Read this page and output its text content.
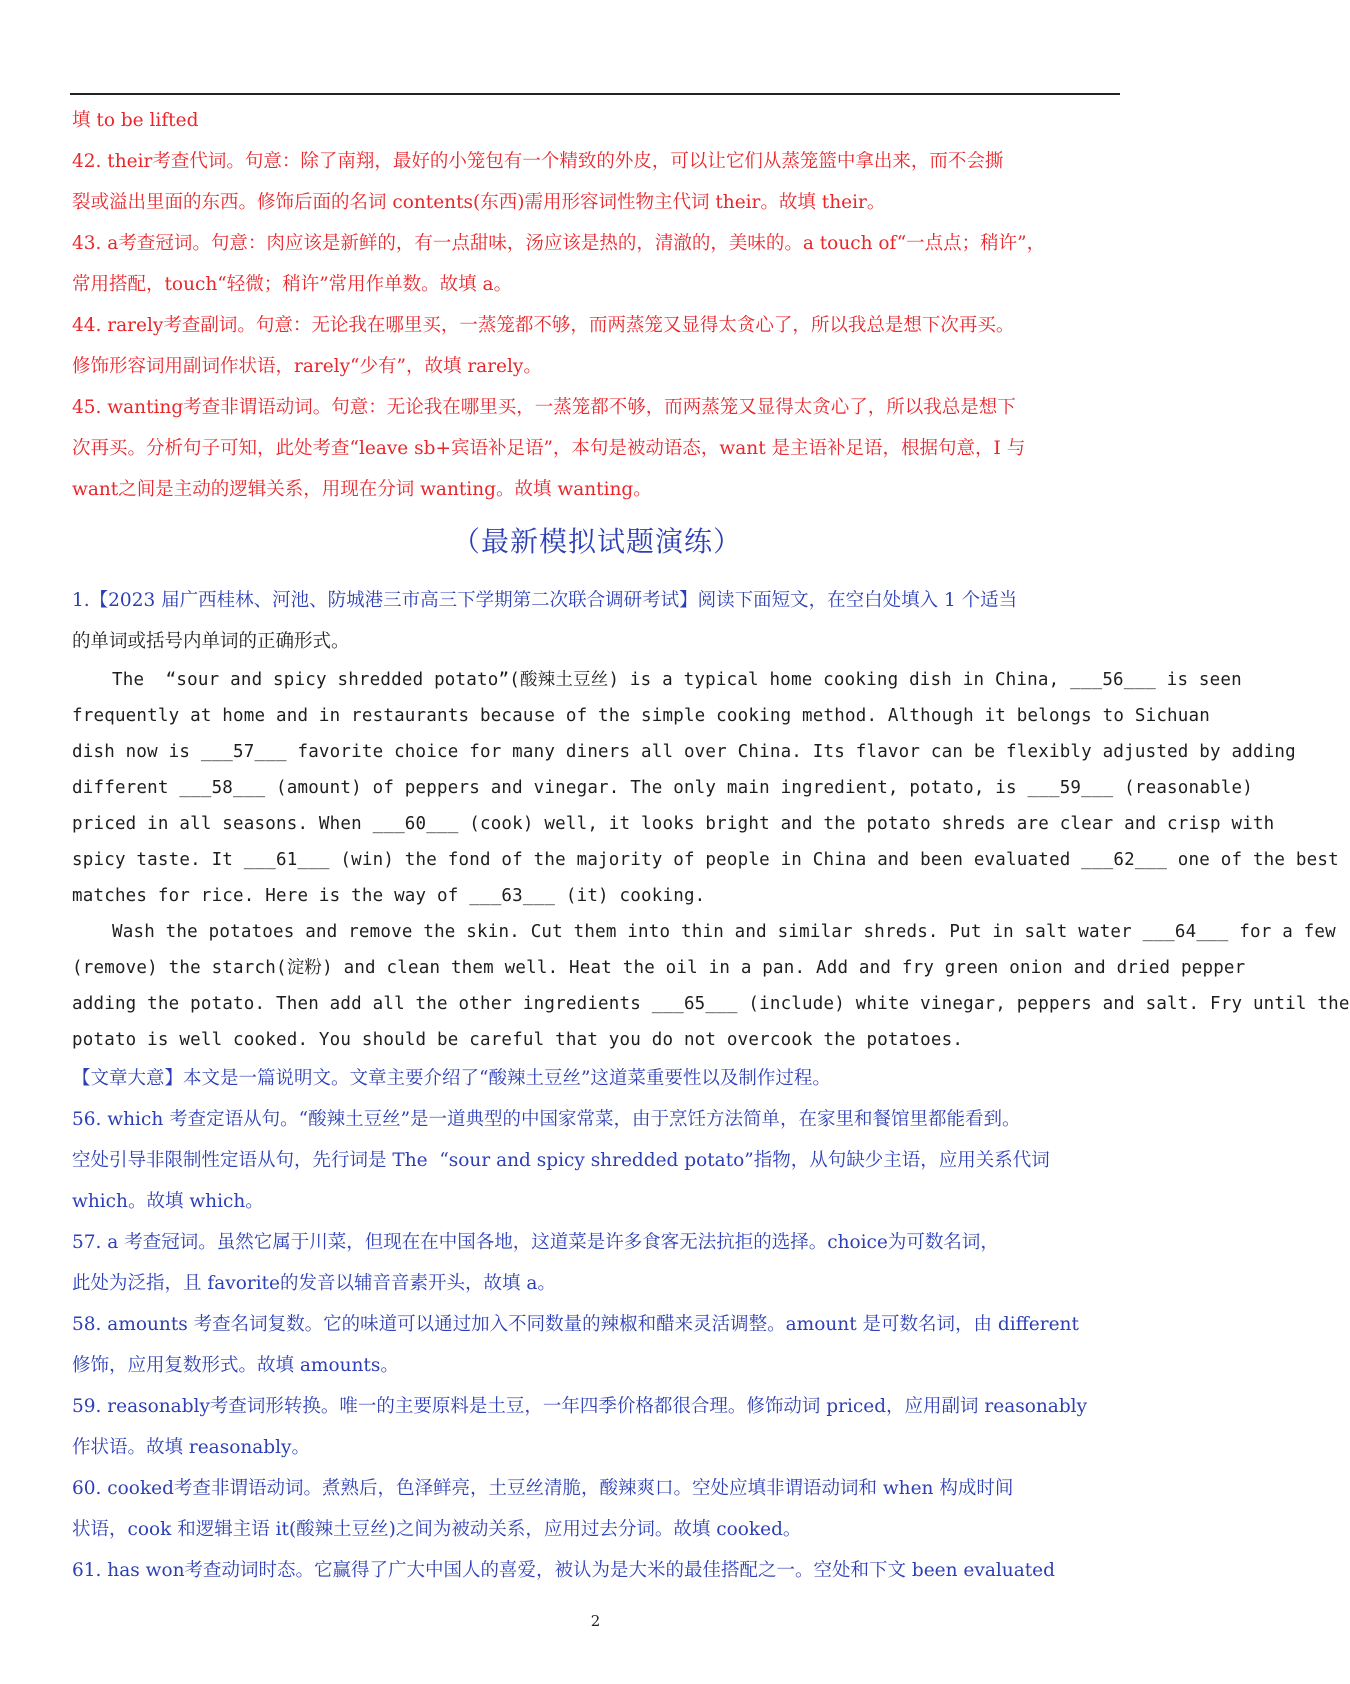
填 to be lifted
42. their考查代词。句意：除了南翔，最好的小笼包有一个精致的外皮，可以让它们从蒸笼篮中拿出来，而不会撕
裂或溢出里面的东西。修饰后面的名词 contents(东西)需用形容词性物主代词 their。故填 their。
43. a考查冠词。句意：肉应该是新鲜的，有一点甜味，汤应该是热的，清澈的，美味的。a touch of“一点点；稍许”，
常用搭配，touch“轻微；稍许”常用作单数。故填 a。
44. rarely考查副词。句意：无论我在哪里买，一蒸笼都不够，而两蒸笼又显得太贪心了，所以我总是想下次再买。
修饰形容词用副词作状语，rarely“少有”，故填 rarely。
45. wanting考查非谓语动词。句意：无论我在哪里买，一蒸笼都不够，而两蒸笼又显得太贪心了，所以我总是想下
次再买。分析句子可知，此处考查“leave sb+宾语补足语”，本句是被动语态，want 是主语补足语，根据句意，I 与
want之间是主动的逻辑关系，用现在分词 wanting。故填 wanting。
（最新模拟试题演练）
1.【2023 届广西桂林、河池、防城港三市高三下学期第二次联合调研考试】阅读下面短文，在空白处填入 1 个适当
的单词或括号内单词的正确形式。
The  “sour and spicy shredded potato”(酸辣土豆丝) is a typical home cooking dish in China, ___56___ is seen
frequently at home and in restaurants because of the simple cooking method. Although it belongs to Sichuan
dish now is ___57___ favorite choice for many diners all over China. Its flavor can be flexibly adjusted by adding
different ___58___ (amount) of peppers and vinegar. The only main ingredient, potato, is ___59___ (reasonable)
priced in all seasons. When ___60___ (cook) well, it looks bright and the potato shreds are clear and crisp with
spicy taste. It ___61___ (win) the fond of the majority of people in China and been evaluated ___62___ one of the best
matches for rice. Here is the way of ___63___ (it) cooking.
Wash the potatoes and remove the skin. Cut them into thin and similar shreds. Put in salt water ___64___ for a few
(remove) the starch(淀粉) and clean them well. Heat the oil in a pan. Add and fry green onion and dried pepper
adding the potato. Then add all the other ingredients ___65___ (include) white vinegar, peppers and salt. Fry until the
potato is well cooked. You should be careful that you do not overcook the potatoes.
【文章大意】本文是一篇说明文。文章主要介绍了“酸辣土豆丝”这道菜重要性以及制作过程。
56. which 考查定语从句。“酸辣土豆丝”是一道典型的中国家常菜，由于烹饪方法简单，在家里和餐馆里都能看到。
空处引导非限制性定语从句，先行词是 The  “sour and spicy shredded potato”指物，从句缺少主语，应用关系代词
which。故填 which。
57. a 考查冠词。虽然它属于川菜，但现在在中国各地，这道菜是许多食客无法抗拒的选择。choice为可数名词，
此处为泛指，且 favorite的发音以辅音音素开头，故填 a。
58. amounts 考查名词复数。它的味道可以通过加入不同数量的辣椒和醋来灵活调整。amount 是可数名词，由 different
修饰，应用复数形式。故填 amounts。
59. reasonably考查词形转换。唯一的主要原料是土豆，一年四季价格都很合理。修饰动词 priced，应用副词 reasonably
作状语。故填 reasonably。
60. cooked考查非谓语动词。煮熟后，色泽鲜亮，土豆丝清脆，酸辣爽口。空处应填非谓语动词和 when 构成时间
状语，cook 和逻辑主语 it(酸辣土豆丝)之间为被动关系，应用过去分词。故填 cooked。
61. has won考查动词时态。它赢得了广大中国人的喜爱，被认为是大米的最佳搭配之一。空处和下文 been evaluated
2
